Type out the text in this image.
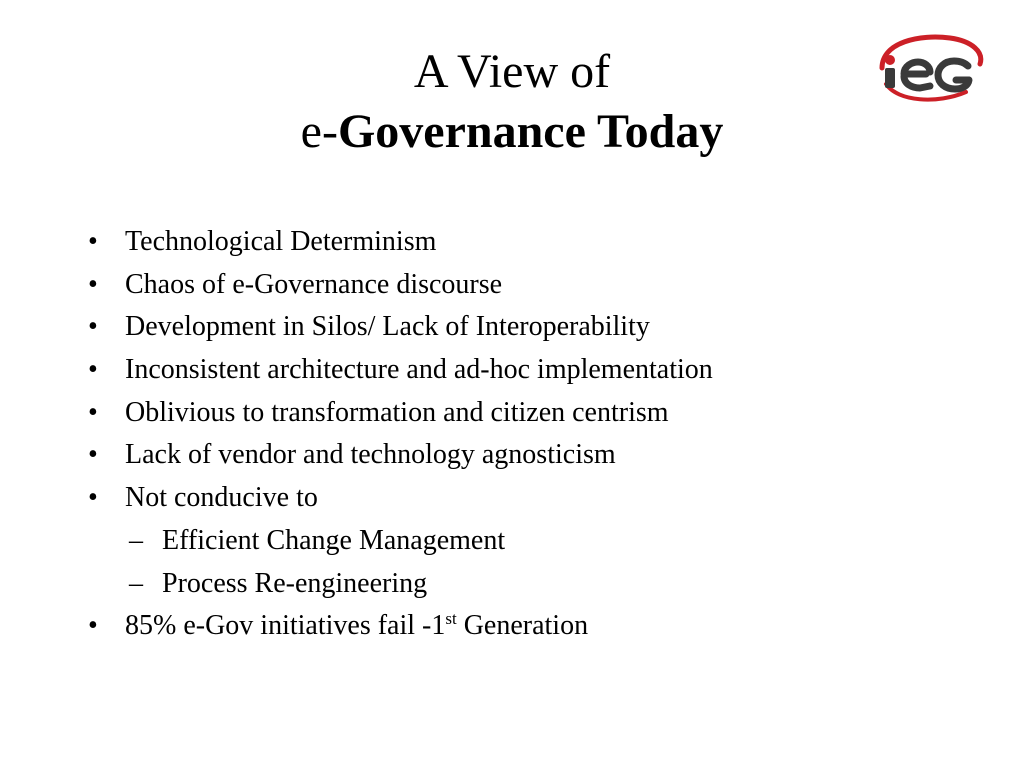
A View of
e-Governance Today
• Technological Determinism
• Chaos of e-Governance discourse
• Development in Silos/ Lack of Interoperability
• Inconsistent architecture and ad-hoc implementation
• Oblivious to transformation and citizen centrism
• Lack of vendor and technology agnosticism
• Not conducive to
– Efficient Change Management
– Process Re-engineering
• 85% e-Gov initiatives fail -1st Generation
